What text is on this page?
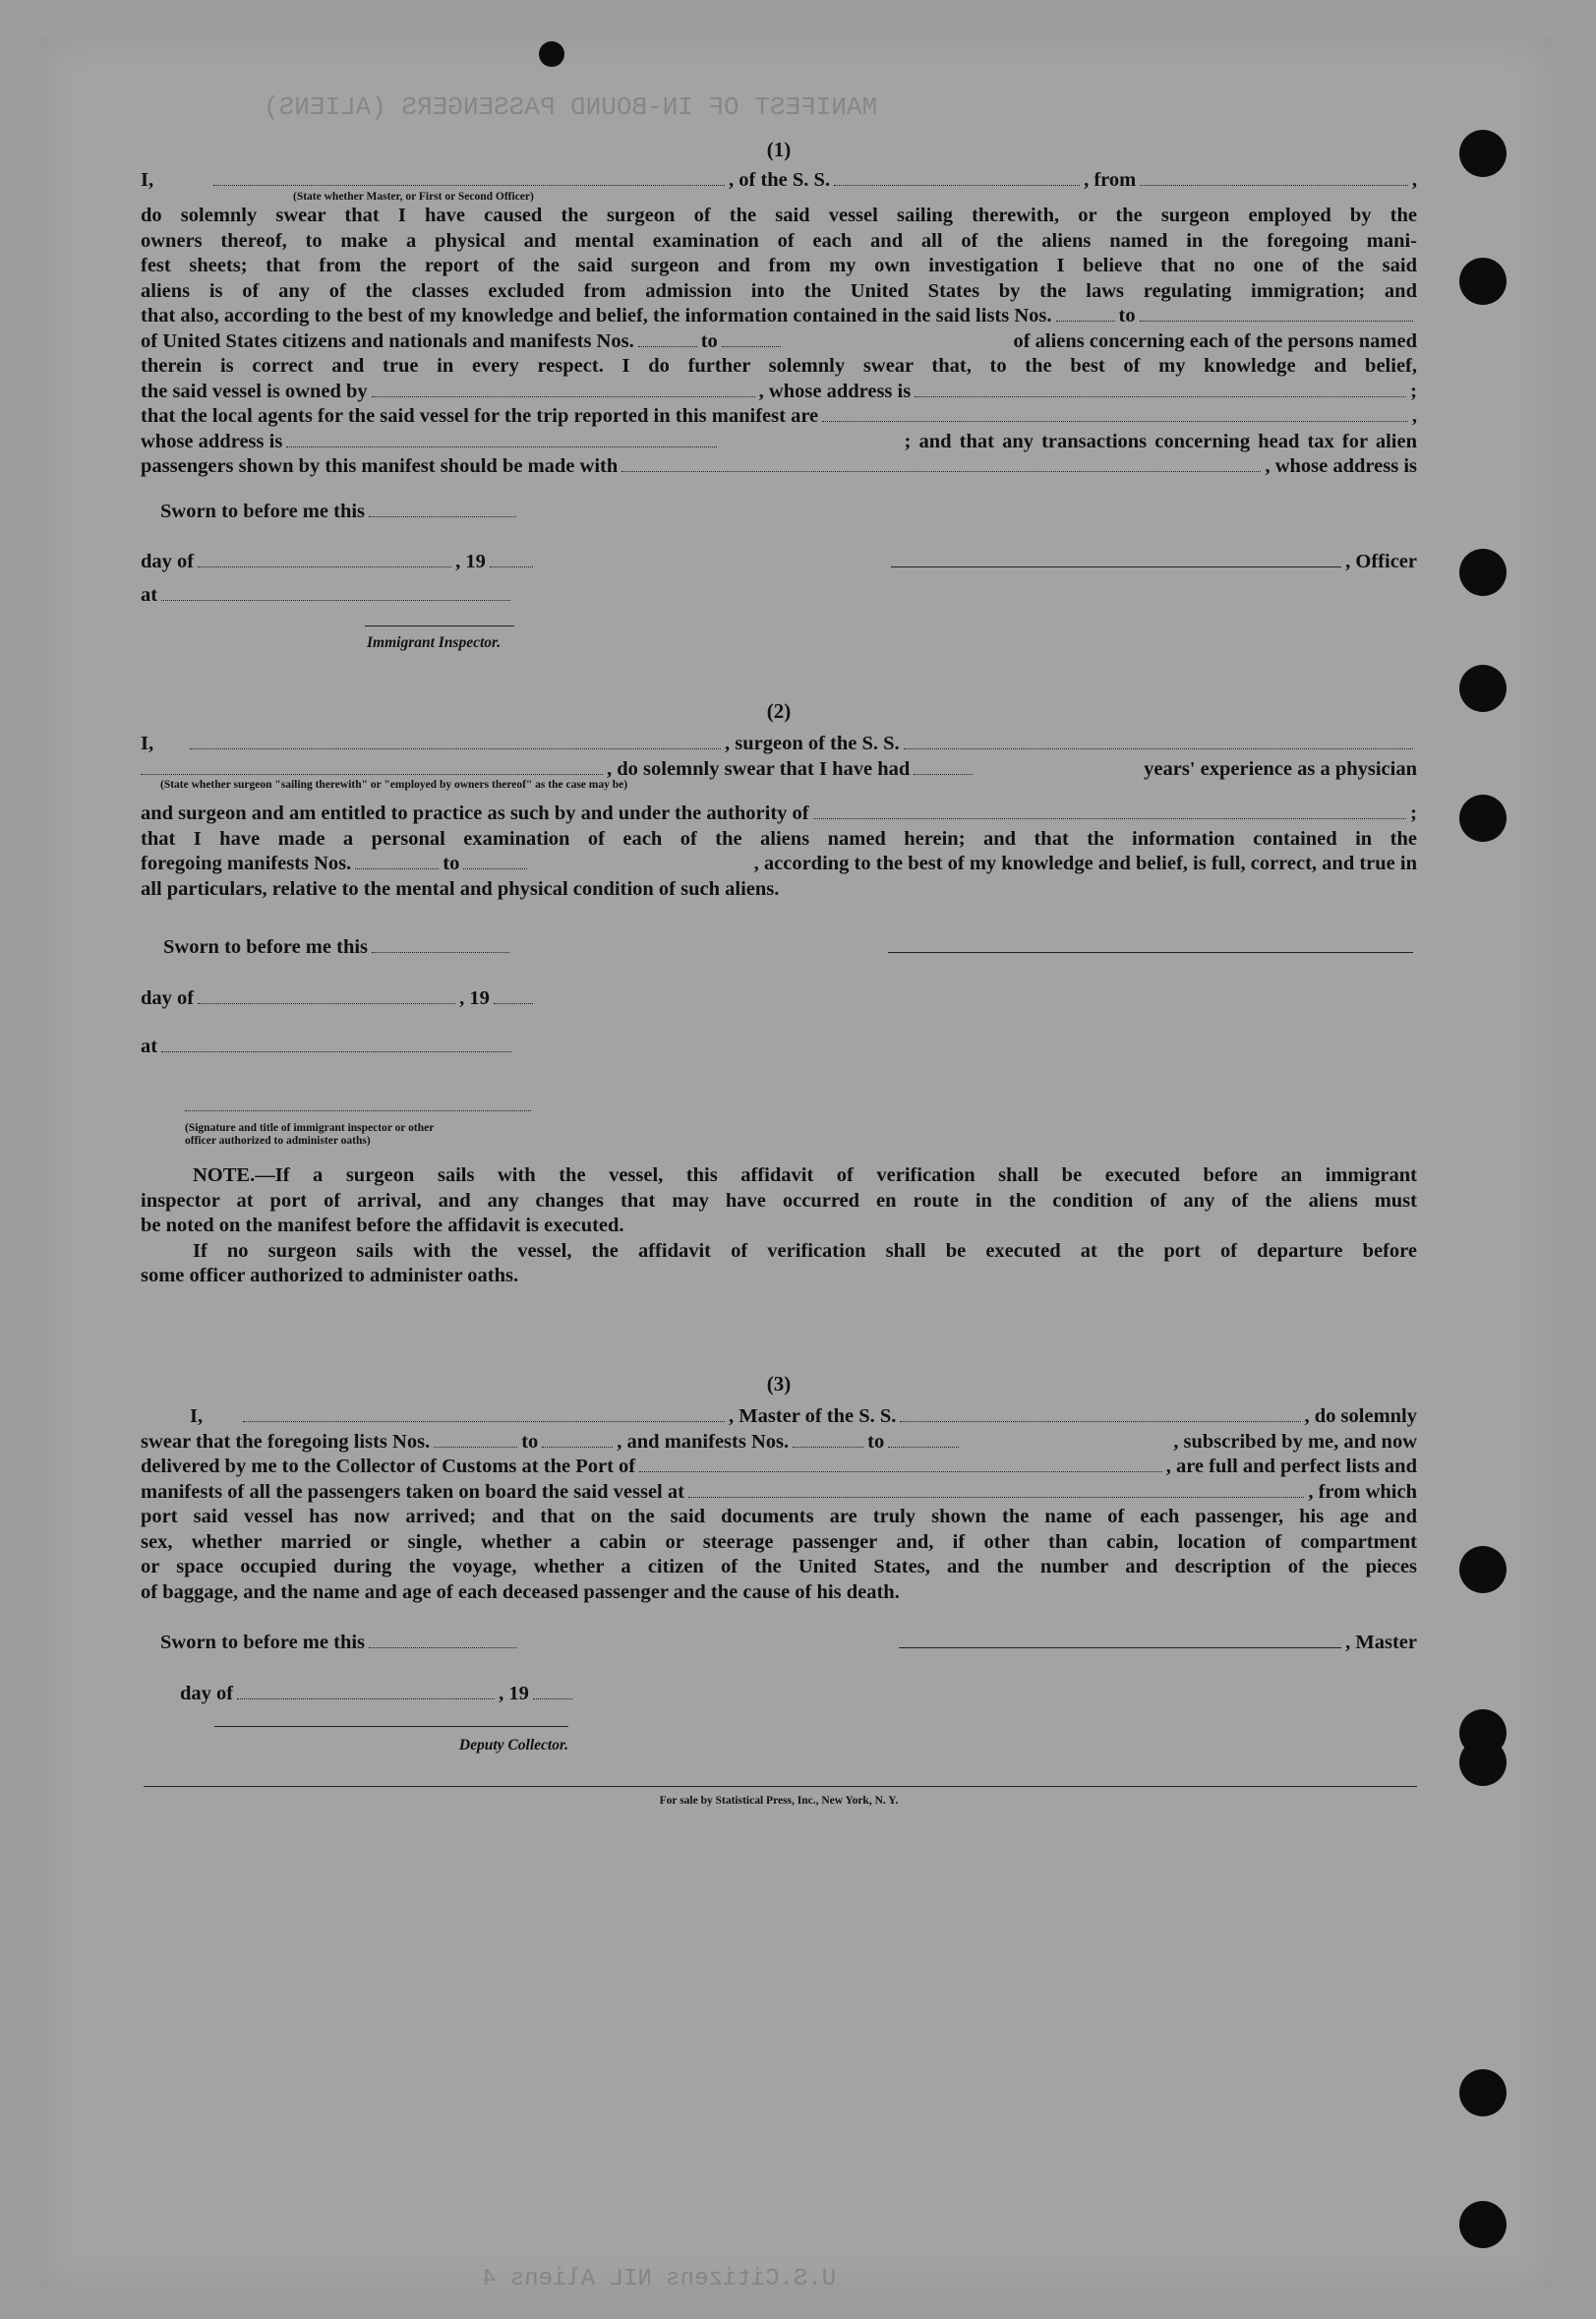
MANIFEST OF IN-BOUND PASSENGERS (ALIENS)
U.S.Citizens NIL Aliens 4

(1)

I,	, of the S. S.	, from	,
(State whether Master, or First or Second Officer)

do solemnly swear that I have caused the surgeon of the said vessel sailing therewith, or the surgeon employed by the

owners thereof, to make a physical and mental examination of each and all of the aliens named in the foregoing mani-

fest sheets; that from the report of the said surgeon and from my own investigation I believe that no one of the said

aliens is of any of the classes excluded from admission into the United States by the laws regulating immigration; and

that also, according to the best of my knowledge and belief, the information contained in the said lists Nos.	to
of United States citizens and nationals and manifests Nos.	to	of aliens concerning each of the persons named

therein is correct and true in every respect. I do further solemnly swear that, to the best of my knowledge and belief,

the said vessel is owned by	, whose address is	;
that the local agents for the said vessel for the trip reported in this manifest are	,
whose address is	; and that any transactions concerning head tax for alien
passengers shown by this manifest should be made with	, whose address is
Sworn to before me this
day of	, 19	, Officer
at
Immigrant Inspector.

(2)

I,	, surgeon of the S. S.
, do solemnly swear that I have had	years' experience as a physician
(State whether surgeon "sailing therewith" or "employed by owners thereof" as the case may be)
and surgeon and am entitled to practice as such by and under the authority of	;

that I have made a personal examination of each of the aliens named herein; and that the information contained in the

foregoing manifests Nos.	to	, according to the best of my knowledge and belief, is full, correct, and true in

all particulars, relative to the mental and physical condition of such aliens.

Sworn to before me this
day of	, 19
at
(Signature and title of immigrant inspector or other officer authorized to administer oaths)

NOTE.—If a surgeon sails with the vessel, this affidavit of verification shall be executed before an immigrant

inspector at port of arrival, and any changes that may have occurred en route in the condition of any of the aliens must

be noted on the manifest before the affidavit is executed.

If no surgeon sails with the vessel, the affidavit of verification shall be executed at the port of departure before

some officer authorized to administer oaths.

(3)

I,	, Master of the S. S.	, do solemnly
swear that the foregoing lists Nos.	to	, and manifests Nos.	to	, subscribed by me, and now
delivered by me to the Collector of Customs at the Port of	, are full and perfect lists and
manifests of all the passengers taken on board the said vessel at	, from which

port said vessel has now arrived; and that on the said documents are truly shown the name of each passenger, his age and

sex, whether married or single, whether a cabin or steerage passenger and, if other than cabin, location of compartment

or space occupied during the voyage, whether a citizen of the United States, and the number and description of the pieces

of baggage, and the name and age of each deceased passenger and the cause of his death.

Sworn to before me this	, Master
day of	, 19
Deputy Collector.
For sale by Statistical Press, Inc., New York, N. Y.
